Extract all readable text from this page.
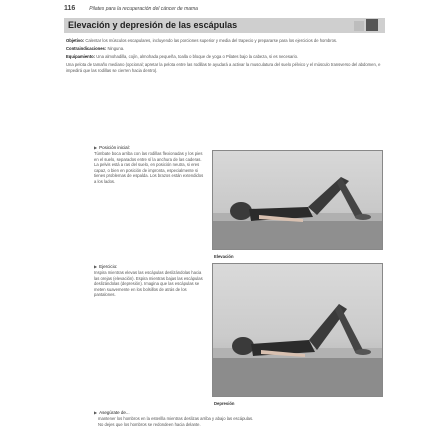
116	Pilates para la recuperación del cáncer de mama
Elevación y depresión de las escápulas

Objetivo: Calentar los músculos escapulares, incluyendo las porciones superior y media del trapecio y prepararse para los ejercicios de hombros.

Contraindicaciones: Ninguna.

Equipamiento: Una almohadilla, cojín, almohada pequeña, toalla o bloque de yoga o Pilates bajo la cabeza, si es necesario.

Una pelota de tamaño mediano (opcional; apretar la pelota entre las rodillas te ayudará a activar la musculatura del suelo pélvico y el músculo transverso del abdomen, e impedirá que las rodillas se cierren hacia dentro).

▶ Posición inicial:
Túmbate boca arriba con las rodillas flexionadas y los pies en el suelo, separados entre sí la anchura de las caderas. La pelvis está a ras del suelo, en posición neutra, si eres capaz, o bien en posición de impronta, especialmente si tienes problemas de espalda. Los brazos están extendidos a los lados.
Elevación
▶ Ejercicio:
Inspira mientras elevas las escápulas deslizándolas hacia las orejas (elevación). Espira mientras bajas las escápulas deslizándolas (depresión). Imagina que las escápulas se meten suavemente en los bolsillos de atrás de los pantalones.
Depresión
▶ Asegúrate de...
mantener los hombros en la esterilla mientras deslizas arriba y abajo las escápulas.
No dejes que los hombros se redondeen hacia delante.
